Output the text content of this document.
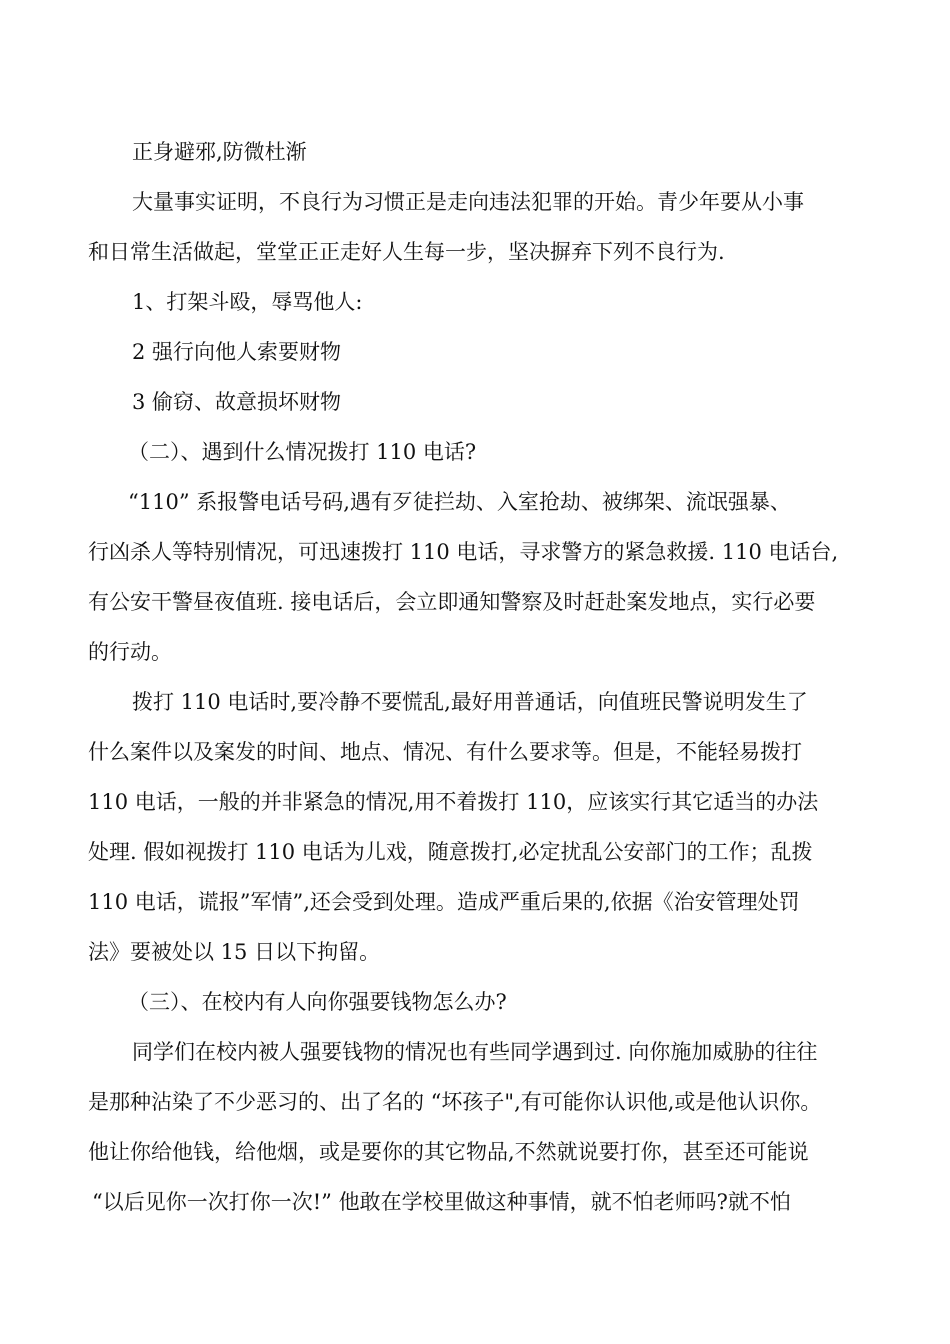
正身避邪,防微杜渐
大量事实证明，不良行为习惯正是走向违法犯罪的开始。青少年要从小事
和日常生活做起，堂堂正正走好人生每一步，坚决摒弃下列不良行为.
1、打架斗殴，辱骂他人:
2 强行向他人索要财物
3 偷窃、故意损坏财物
（二）、遇到什么情况拨打 110 电话?
“110” 系报警电话号码,遇有歹徒拦劫、入室抢劫、被绑架、流氓强暴、
行凶杀人等特别情况，可迅速拨打 110 电话，寻求警方的紧急救援. 110 电话台,
有公安干警昼夜值班. 接电话后，会立即通知警察及时赶赴案发地点，实行必要
的行动。
拨打 110 电话时,要冷静不要慌乱,最好用普通话，向值班民警说明发生了
什么案件以及案发的时间、地点、情况、有什么要求等。但是，不能轻易拨打
110 电话，一般的并非紧急的情况,用不着拨打 110，应该实行其它适当的办法
处理. 假如视拨打 110 电话为儿戏，随意拨打,必定扰乱公安部门的工作；乱拨
110 电话，谎报”军情”,还会受到处理。造成严重后果的,依据《治安管理处罚
法》要被处以 15 日以下拘留。
（三）、在校内有人向你强要钱物怎么办?
同学们在校内被人强要钱物的情况也有些同学遇到过. 向你施加威胁的往往
是那种沾染了不少恶习的、出了名的 “坏孩子",有可能你认识他,或是他认识你。
他让你给他钱，给他烟，或是要你的其它物品,不然就说要打你，甚至还可能说
“以后见你一次打你一次!” 他敢在学校里做这种事情，就不怕老师吗?就不怕
